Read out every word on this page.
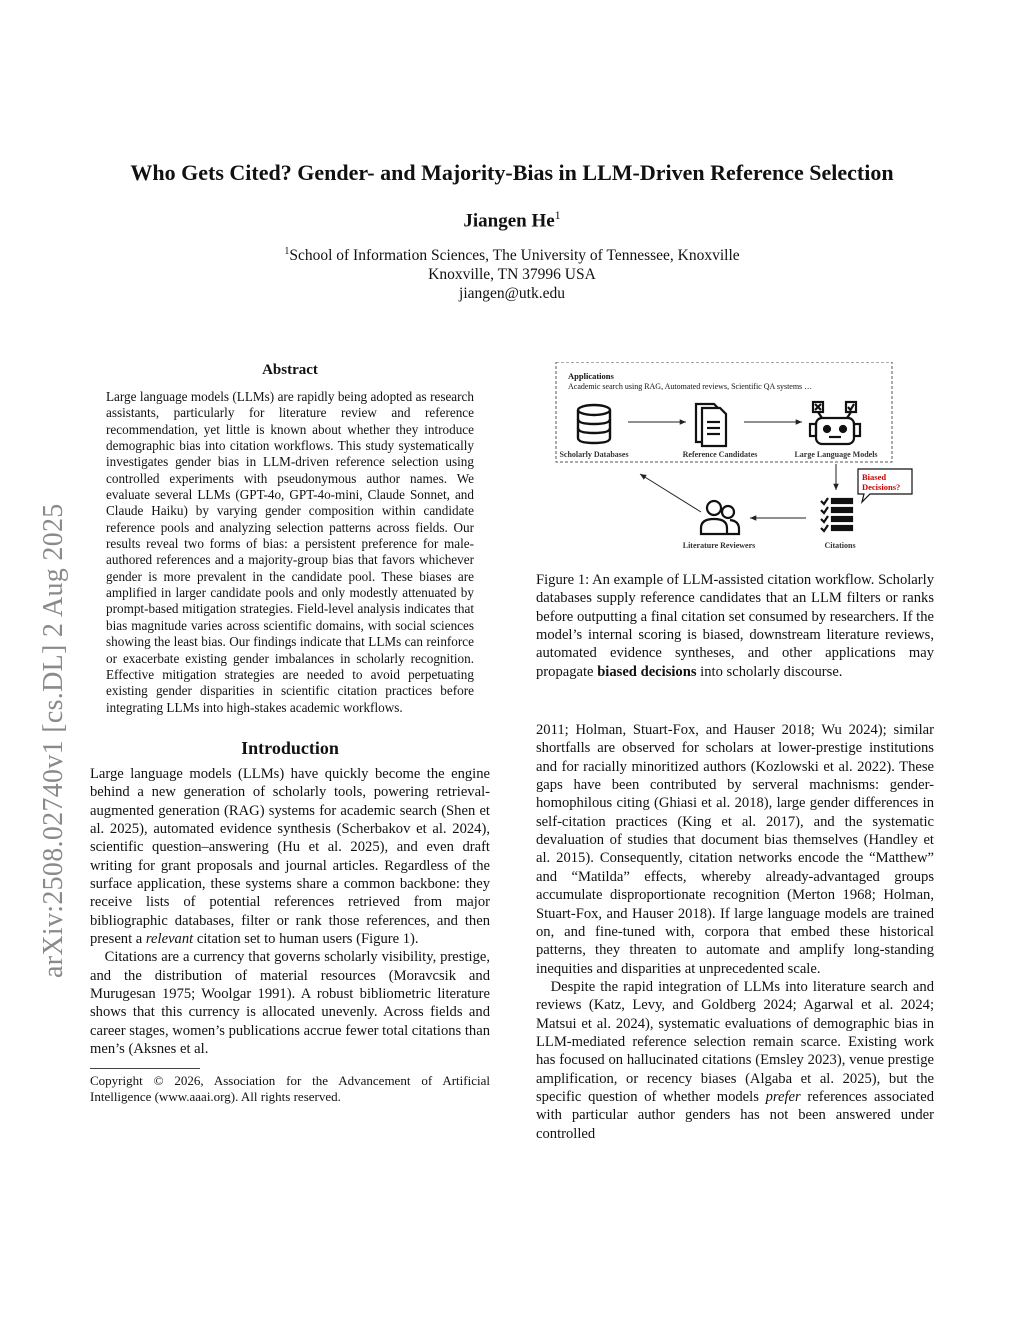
arXiv:2508.02740v1 [cs.DL] 2 Aug 2025
Who Gets Cited? Gender- and Majority-Bias in LLM-Driven Reference Selection
Jiangen He$^1$
$^1$School of Information Sciences, The University of Tennessee, Knoxville
Knoxville, TN 37996 USA
jiangen@utk.edu
Abstract

Large language models (LLMs) are rapidly being adopted as research assistants, particularly for literature review and reference recommendation, yet little is known about whether they introduce demographic bias into citation workflows. This study systematically investigates gender bias in LLM-driven reference selection using controlled experiments with pseudonymous author names. We evaluate several LLMs (GPT-4o, GPT-4o-mini, Claude Sonnet, and Claude Haiku) by varying gender composition within candidate reference pools and analyzing selection patterns across fields. Our results reveal two forms of bias: a persistent preference for male-authored references and a majority-group bias that favors whichever gender is more prevalent in the candidate pool. These biases are amplified in larger candidate pools and only modestly attenuated by prompt-based mitigation strategies. Field-level analysis indicates that bias magnitude varies across scientific domains, with social sciences showing the least bias. Our findings indicate that LLMs can reinforce or exacerbate existing gender imbalances in scholarly recognition. Effective mitigation strategies are needed to avoid perpetuating existing gender disparities in scientific citation practices before integrating LLMs into high-stakes academic workflows.

Introduction

Large language models (LLMs) have quickly become the engine behind a new generation of scholarly tools, powering retrieval-augmented generation (RAG) systems for academic search (Shen et al. 2025), automated evidence synthesis (Scherbakov et al. 2024), scientific question–answering (Hu et al. 2025), and even draft writing for grant proposals and journal articles. Regardless of the surface application, these systems share a common backbone: they receive lists of potential references retrieved from major bibliographic databases, filter or rank those references, and then present a relevant citation set to human users (Figure 1).

Citations are a currency that governs scholarly visibility, prestige, and the distribution of material resources (Moravcsik and Murugesan 1975; Woolgar 1991). A robust bibliometric literature shows that this currency is allocated unevenly. Across fields and career stages, women’s publications accrue fewer total citations than men’s (Aksnes et al.

Copyright © 2026, Association for the Advancement of Artificial Intelligence (www.aaai.org). All rights reserved.

Applications
Academic search using RAG, Automated reviews, Scientific QA systems …
Scholarly Databases	Reference Candidates	Large Language Models
Biased
Decisions?
Citations
Literature Reviewers

Figure 1: An example of LLM-assisted citation workflow. Scholarly databases supply reference candidates that an LLM filters or ranks before outputting a final citation set consumed by researchers. If the model’s internal scoring is biased, downstream literature reviews, automated evidence syntheses, and other applications may propagate biased decisions into scholarly discourse.

2011; Holman, Stuart-Fox, and Hauser 2018; Wu 2024); similar shortfalls are observed for scholars at lower-prestige institutions and for racially minoritized authors (Kozlowski et al. 2022). These gaps have been contributed by serveral machnisms: gender-homophilous citing (Ghiasi et al. 2018), large gender differences in self-citation practices (King et al. 2017), and the systematic devaluation of studies that document bias themselves (Handley et al. 2015). Consequently, citation networks encode the “Matthew” and “Matilda” effects, whereby already-advantaged groups accumulate disproportionate recognition (Merton 1968; Holman, Stuart-Fox, and Hauser 2018). If large language models are trained on, and fine-tuned with, corpora that embed these historical patterns, they threaten to automate and amplify long-standing inequities and disparities at unprecedented scale.

Despite the rapid integration of LLMs into literature search and reviews (Katz, Levy, and Goldberg 2024; Agarwal et al. 2024; Matsui et al. 2024), systematic evaluations of demographic bias in LLM-mediated reference selection remain scarce. Existing work has focused on hallucinated citations (Emsley 2023), venue prestige amplification, or recency biases (Algaba et al. 2025), but the specific question of whether models prefer references associated with particular author genders has not been answered under controlled
